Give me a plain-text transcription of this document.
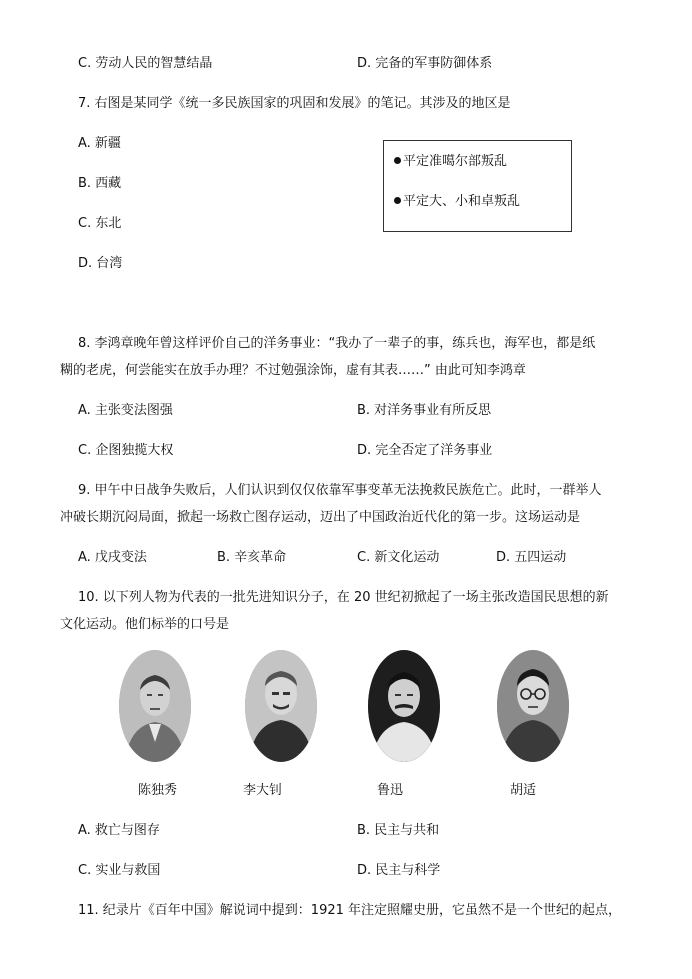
C. 劳动人民的智慧结晶	D. 完备的军事防御体系
7. 右图是某同学《统一多民族国家的巩固和发展》的笔记。其涉及的地区是
A. 新疆
B. 西藏
C. 东北
D. 台湾
平定准噶尔部叛乱
平定大、小和卓叛乱
8. 李鸿章晚年曾这样评价自己的洋务事业：“我办了一辈子的事，练兵也，海军也，都是纸
糊的老虎，何尝能实在放手办理？不过勉强涂饰，虚有其表……” 由此可知李鸿章
A. 主张变法图强	B. 对洋务事业有所反思
C. 企图独揽大权	D. 完全否定了洋务事业
9. 甲午中日战争失败后，人们认识到仅仅依靠军事变革无法挽救民族危亡。此时，一群举人
冲破长期沉闷局面，掀起一场救亡图存运动，迈出了中国政治近代化的第一步。这场运动是
A. 戊戌变法	B. 辛亥革命	C. 新文化运动	D. 五四运动
10. 以下列人物为代表的一批先进知识分子，在 20 世纪初掀起了一场主张改造国民思想的新
文化运动。他们标举的口号是
陈独秀	李大钊	鲁迅	胡适
A. 救亡与图存	B. 民主与共和
C. 实业与救国	D. 民主与科学
11. 纪录片《百年中国》解说词中提到：1921 年注定照耀史册，它虽然不是一个世纪的起点，
